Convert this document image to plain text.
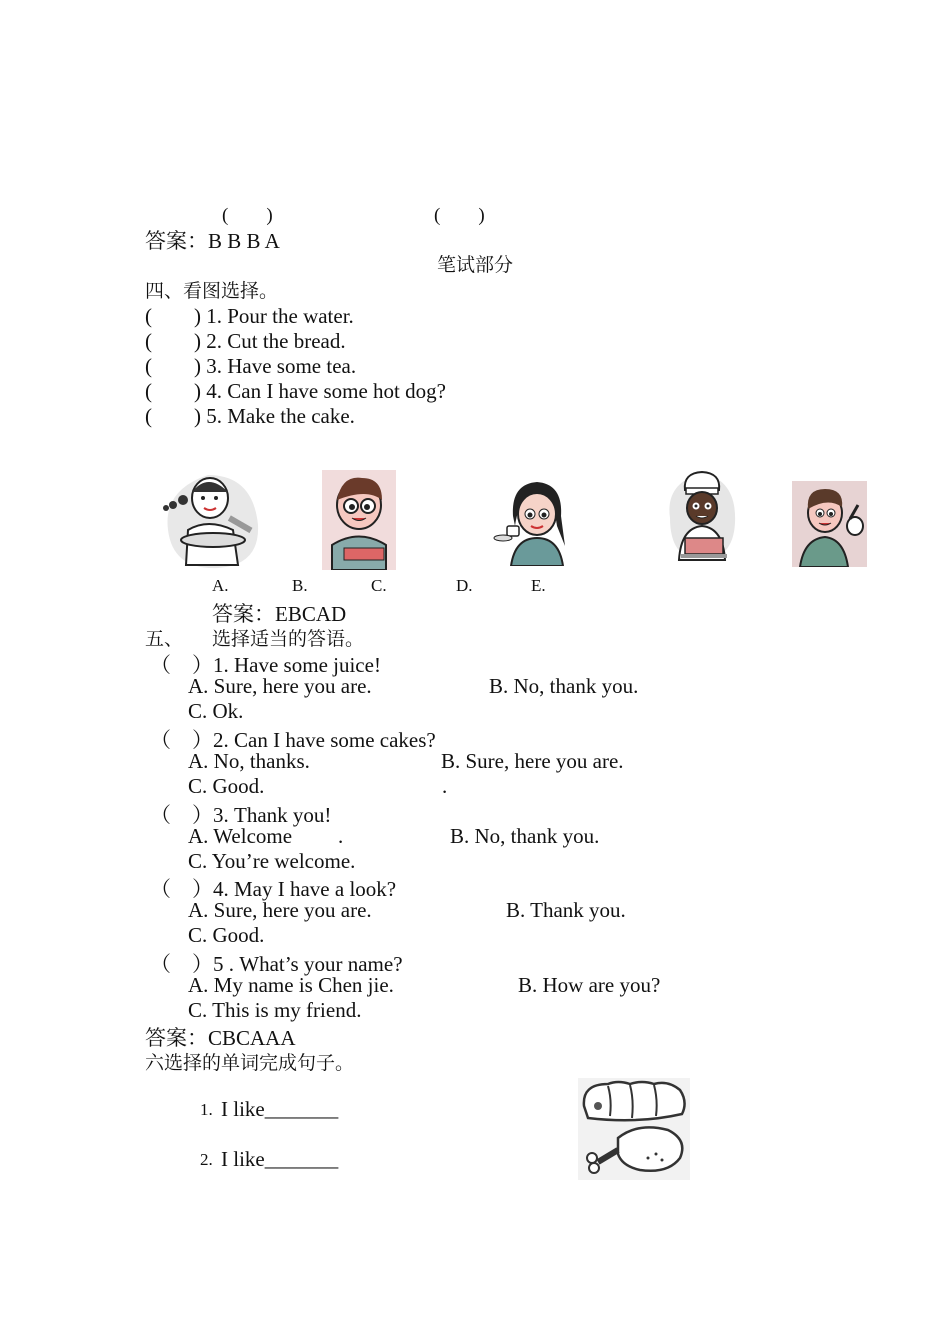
(　　)	(　　)
答案：B B B A
笔试部分
四、看图选择。
(　　) 1. Pour the water.
(　　) 2. Cut the bread.
(　　) 3. Have some tea.
(　　) 4. Can I have some hot dog?
(　　) 5. Make the cake.
A.	B.	C.	D.	E.
答案：EBCAD
五、 选择适当的答语。
（　）1. Have some juice!
A. Sure, here you are.	B. No, thank you.
C. Ok.
（　）2. Can I have some cakes?
A. No, thanks.	B. Sure, here you are.
C. Good.	.
（　）3. Thank you!
A. Welcome .	B. No, thank you.
C. You’re welcome.
（　）4. May I have a look?
A. Sure, here you are.	B. Thank you.
C. Good.
（　）5 . What’s your name?
A. My name is Chen jie.	B. How are you?
C. This is my friend.
答案：CBCAAA
六选择的单词完成句子。
1. I like_______
2. I like_______
